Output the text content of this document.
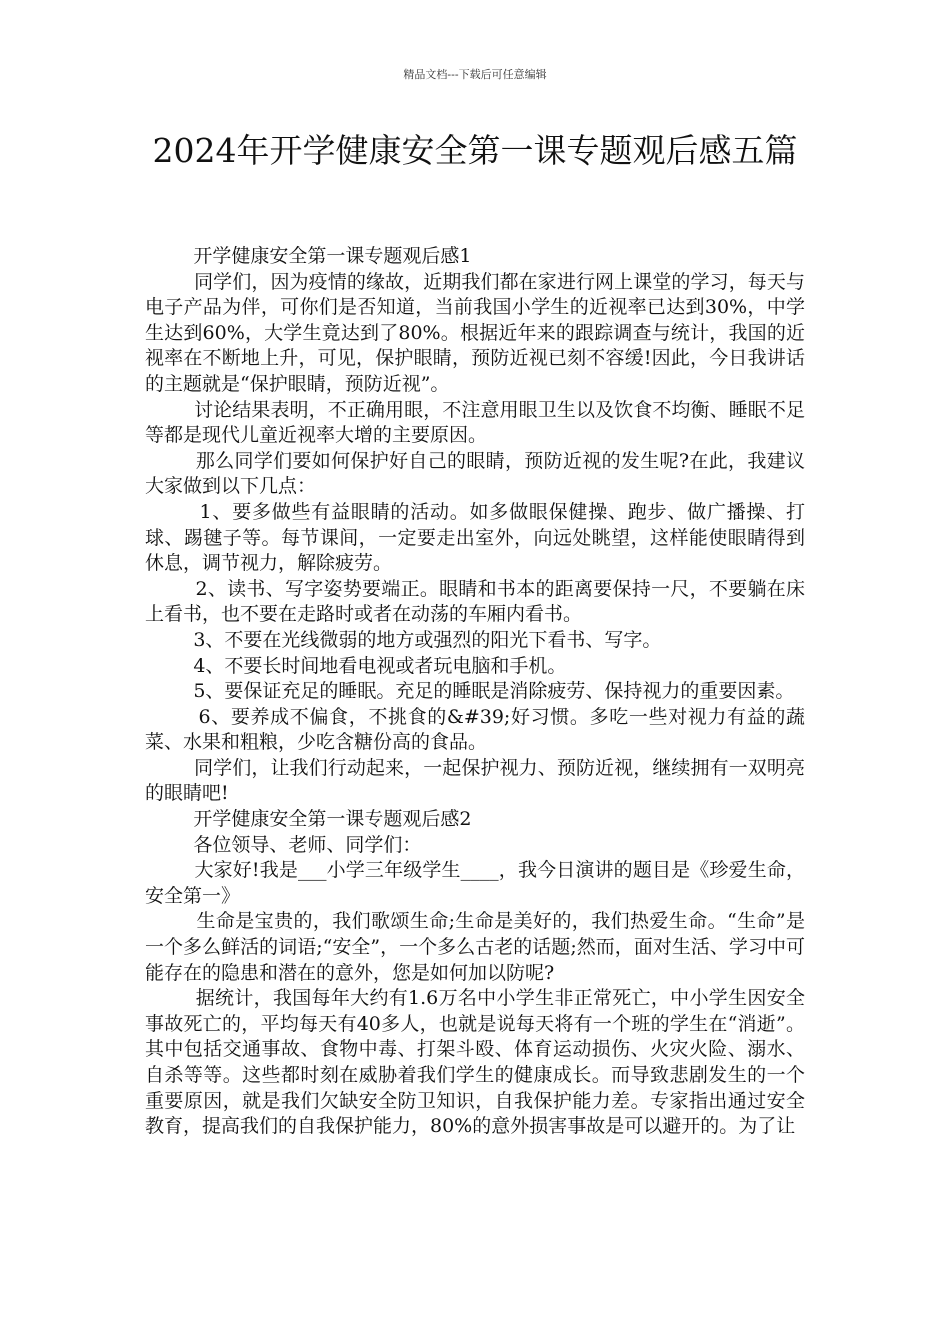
精品文档---下载后可任意编辑
2024年开学健康安全第一课专题观后感五篇

开学健康安全第一课专题观后感1

同学们，因为疫情的缘故，近期我们都在家进行网上课堂的学习，每天与电子产品为伴，可你们是否知道，当前我国小学生的近视率已达到30%，中学生达到60%，大学生竟达到了80%。根据近年来的跟踪调查与统计，我国的近视率在不断地上升，可见，保护眼睛，预防近视已刻不容缓!因此，今日我讲话的主题就是“保护眼睛，预防近视”。

讨论结果表明，不正确用眼，不注意用眼卫生以及饮食不均衡、睡眠不足等都是现代儿童近视率大增的主要原因。

那么同学们要如何保护好自己的眼睛，预防近视的发生呢?在此，我建议大家做到以下几点：

1、要多做些有益眼睛的活动。如多做眼保健操、跑步、做广播操、打球、踢毽子等。每节课间，一定要走出室外，向远处眺望，这样能使眼睛得到休息，调节视力，解除疲劳。

2、读书、写字姿势要端正。眼睛和书本的距离要保持一尺，不要躺在床上看书，也不要在走路时或者在动荡的车厢内看书。

3、不要在光线微弱的地方或强烈的阳光下看书、写字。

4、不要长时间地看电视或者玩电脑和手机。

5、要保证充足的睡眠。充足的睡眠是消除疲劳、保持视力的重要因素。

6、要养成不偏食，不挑食的&#39;好习惯。多吃一些对视力有益的蔬菜、水果和粗粮，少吃含糖份高的食品。

同学们，让我们行动起来，一起保护视力、预防近视，继续拥有一双明亮的眼睛吧!

开学健康安全第一课专题观后感2

各位领导、老师、同学们：

大家好!我是___小学三年级学生____，我今日演讲的题目是《珍爱生命，安全第一》

生命是宝贵的，我们歌颂生命;生命是美好的，我们热爱生命。“生命”是一个多么鲜活的词语;“安全”，一个多么古老的话题;然而，面对生活、学习中可能存在的隐患和潜在的意外，您是如何加以防呢?

据统计，我国每年大约有1.6万名中小学生非正常死亡，中小学生因安全事故死亡的，平均每天有40多人，也就是说每天将有一个班的学生在“消逝”。其中包括交通事故、食物中毒、打架斗殴、体育运动损伤、火灾火险、溺水、自杀等等。这些都时刻在威胁着我们学生的健康成长。而导致悲剧发生的一个重要原因，就是我们欠缺安全防卫知识，自我保护能力差。专家指出通过安全教育，提高我们的自我保护能力，80%的意外损害事故是可以避开的。为了让
